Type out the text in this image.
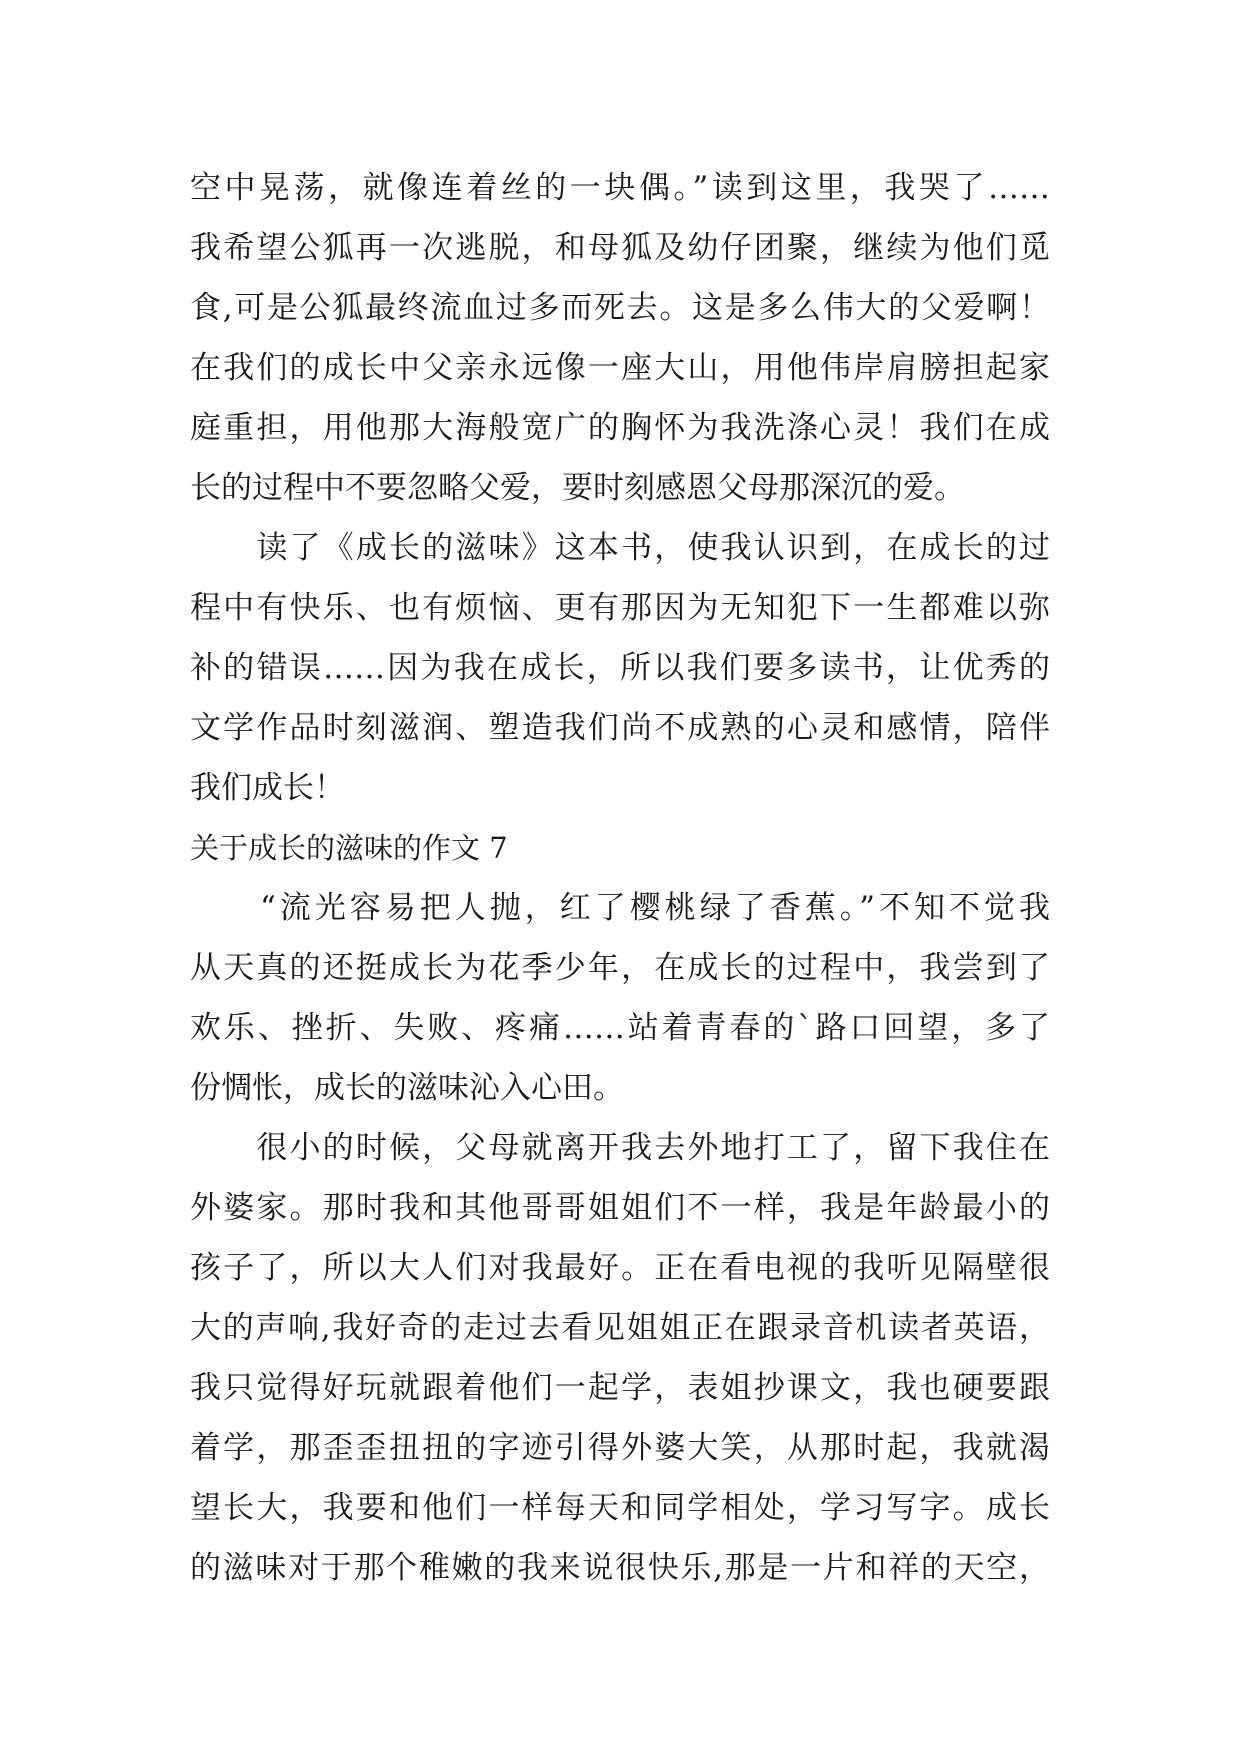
空中晃荡，就像连着丝的一块偶。”读到这里，我哭了……
我希望公狐再一次逃脱，和母狐及幼仔团聚，继续为他们觅
食,可是公狐最终流血过多而死去。这是多么伟大的父爱啊！
在我们的成长中父亲永远像一座大山，用他伟岸肩膀担起家
庭重担，用他那大海般宽广的胸怀为我洗涤心灵！我们在成
长的过程中不要忽略父爱，要时刻感恩父母那深沉的爱。
　　读了《成长的滋味》这本书，使我认识到，在成长的过
程中有快乐、也有烦恼、更有那因为无知犯下一生都难以弥
补的错误……因为我在成长，所以我们要多读书，让优秀的
文学作品时刻滋润、塑造我们尚不成熟的心灵和感情，陪伴
我们成长！
关于成长的滋味的作文 7
　　“流光容易把人抛，红了樱桃绿了香蕉。”不知不觉我
从天真的还挺成长为花季少年，在成长的过程中，我尝到了
欢乐、挫折、失败、疼痛……站着青春的`路口回望，多了
份惆怅，成长的滋味沁入心田。
　　很小的时候，父母就离开我去外地打工了，留下我住在
外婆家。那时我和其他哥哥姐姐们不一样，我是年龄最小的
孩子了，所以大人们对我最好。正在看电视的我听见隔壁很
大的声响,我好奇的走过去看见姐姐正在跟录音机读者英语，
我只觉得好玩就跟着他们一起学，表姐抄课文，我也硬要跟
着学，那歪歪扭扭的字迹引得外婆大笑，从那时起，我就渴
望长大，我要和他们一样每天和同学相处，学习写字。成长
的滋味对于那个稚嫩的我来说很快乐,那是一片和祥的天空，
